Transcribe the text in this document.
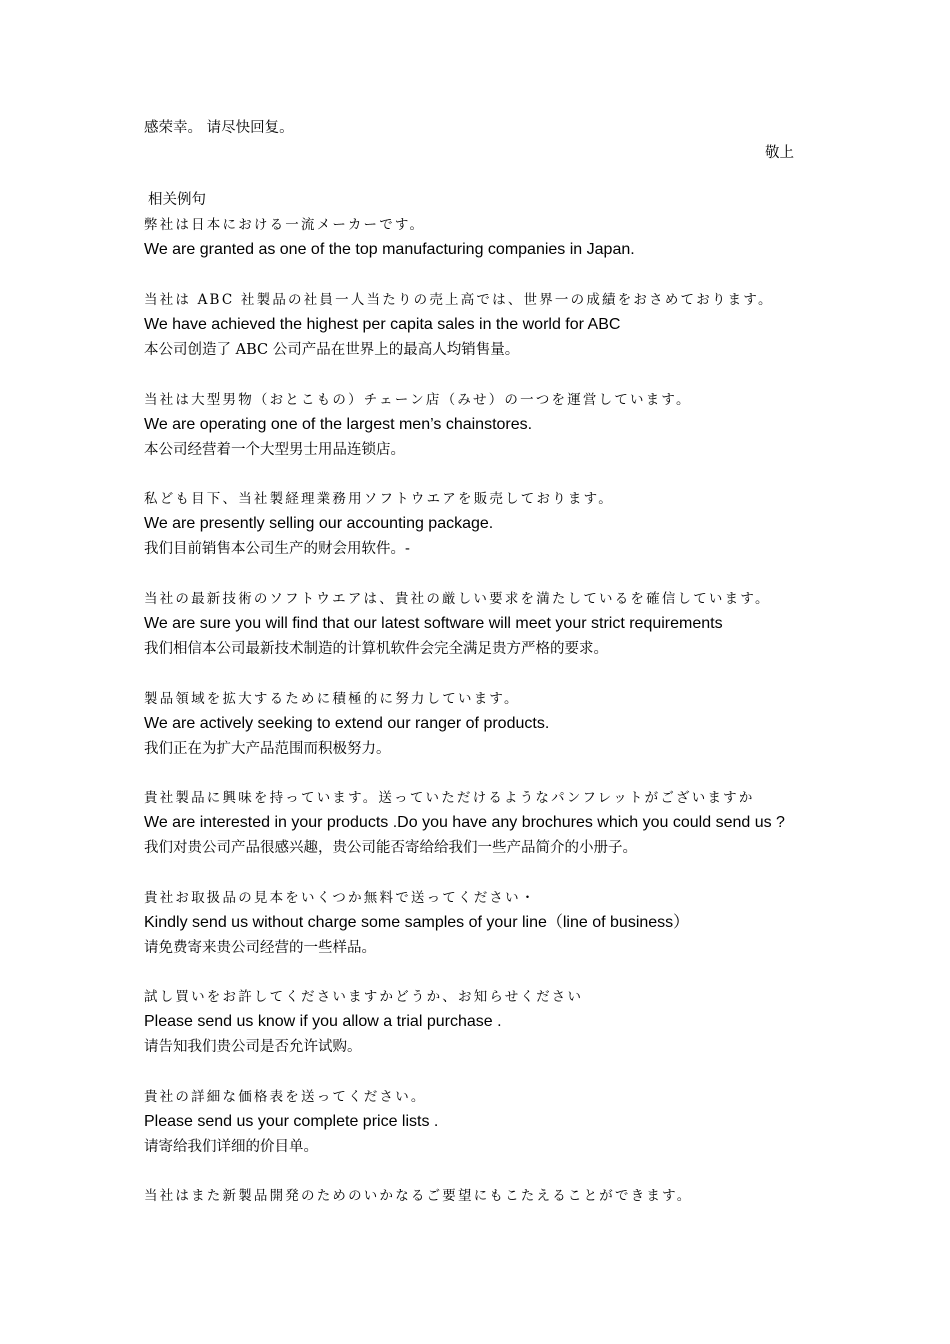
感荣幸。 请尽快回复。
敬上
相关例句
弊社は日本における一流メーカーです。
We are granted as one of the top manufacturing companies in Japan.
当社は ABC 社製品の社員一人当たりの売上高では、世界一の成績をおさめております。
We have achieved the highest per capita sales in the world for ABC
本公司创造了 ABC 公司产品在世界上的最高人均销售量。
当社は大型男物（おとこもの）チェーン店（みせ）の一つを運営しています。
We are operating one of the largest men’s chainstores.
本公司经营着一个大型男士用品连锁店。
私ども目下、当社製経理業務用ソフトウエアを販売しております。
We are presently selling our accounting package.
我们目前销售本公司生产的财会用软件。-
当社の最新技術のソフトウエアは、貴社の厳しい要求を満たしているを確信しています。
We are sure you will find that our latest software will meet your strict requirements
我们相信本公司最新技术制造的计算机软件会完全满足贵方严格的要求。
製品領域を拡大するために積極的に努力しています。
We are actively seeking to extend our ranger of products.
我们正在为扩大产品范围而积极努力。
貴社製品に興味を持っています。送っていただけるようなパンフレットがございますか
We are interested in your products .Do you have any brochures which you could send us ?
我们对贵公司产品很感兴趣，贵公司能否寄给给我们一些产品简介的小册子。
貴社お取扱品の見本をいくつか無料で送ってください・
Kindly send us without charge some samples of your line（line of business）
请免费寄来贵公司经营的一些样品。
試し買いをお許してくださいますかどうか、お知らせください
Please send us know if you allow a trial purchase .
请告知我们贵公司是否允许试购。
貴社の詳細な価格表を送ってください。
Please send us your complete price lists .
请寄给我们详细的价目单。
当社はまた新製品開発のためのいかなるご要望にもこたえることができます。
